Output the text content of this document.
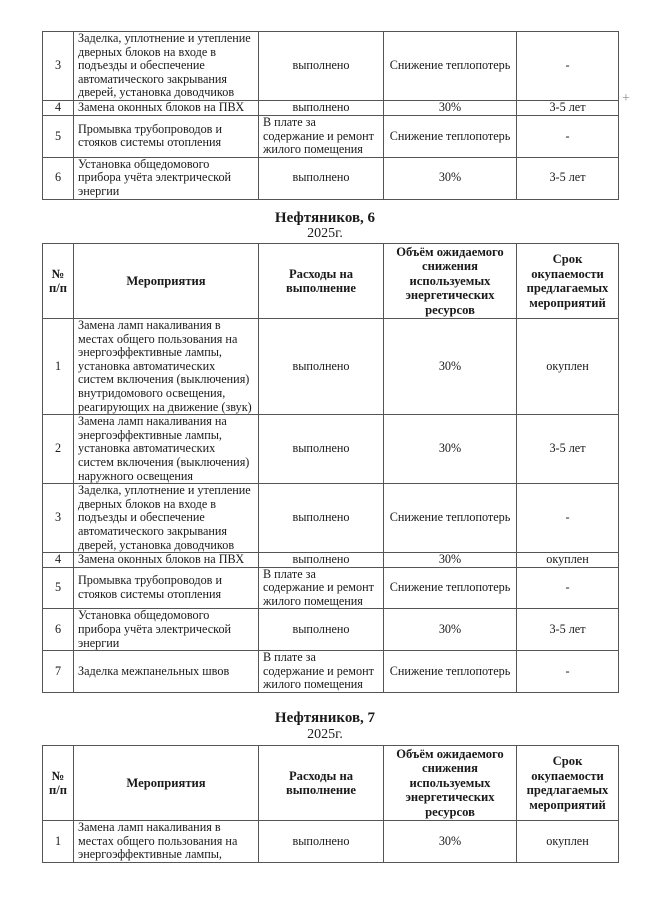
3	Заделка, уплотнение и утепление дверных блоков на входе в подъезды и обеспечение автоматического закрывания дверей, установка доводчиков	выполнено	Снижение теплопотерь	-
4	Замена оконных блоков на ПВХ	выполнено	30%	3-5 лет
5	Промывка трубопроводов и стояков системы отопления	В плате за содержание и ремонт жилого помещения	Снижение теплопотерь	-
6	Установка общедомового прибора учёта электрической энергии	выполнено	30%	3-5 лет
+
Нефтяников, 6
2025г.
№ п/п	Мероприятия	Расходы на выполнение	Объём ожидаемого снижения используемых энергетических ресурсов	Срок окупаемости предлагаемых мероприятий
1	Замена ламп накаливания в местах общего пользования на энергоэффективные лампы, установка автоматических систем включения (выключения) внутридомового освещения, реагирующих на движение (звук)	выполнено	30%	окуплен
2	Замена ламп накаливания на энергоэффективные лампы, установка автоматических систем включения (выключения) наружного освещения	выполнено	30%	3-5 лет
3	Заделка, уплотнение и утепление дверных блоков на входе в подъезды и обеспечение автоматического закрывания дверей, установка доводчиков	выполнено	Снижение теплопотерь	-
4	Замена оконных блоков на ПВХ	выполнено	30%	окуплен
5	Промывка трубопроводов и стояков системы отопления	В плате за содержание и ремонт жилого помещения	Снижение теплопотерь	-
6	Установка общедомового прибора учёта электрической энергии	выполнено	30%	3-5 лет
7	Заделка межпанельных швов	В плате за содержание и ремонт жилого помещения	Снижение теплопотерь	-
Нефтяников, 7
2025г.
№ п/п	Мероприятия	Расходы на выполнение	Объём ожидаемого снижения используемых энергетических ресурсов	Срок окупаемости предлагаемых мероприятий
1	Замена ламп накаливания в местах общего пользования на энергоэффективные лампы,	выполнено	30%	окуплен
